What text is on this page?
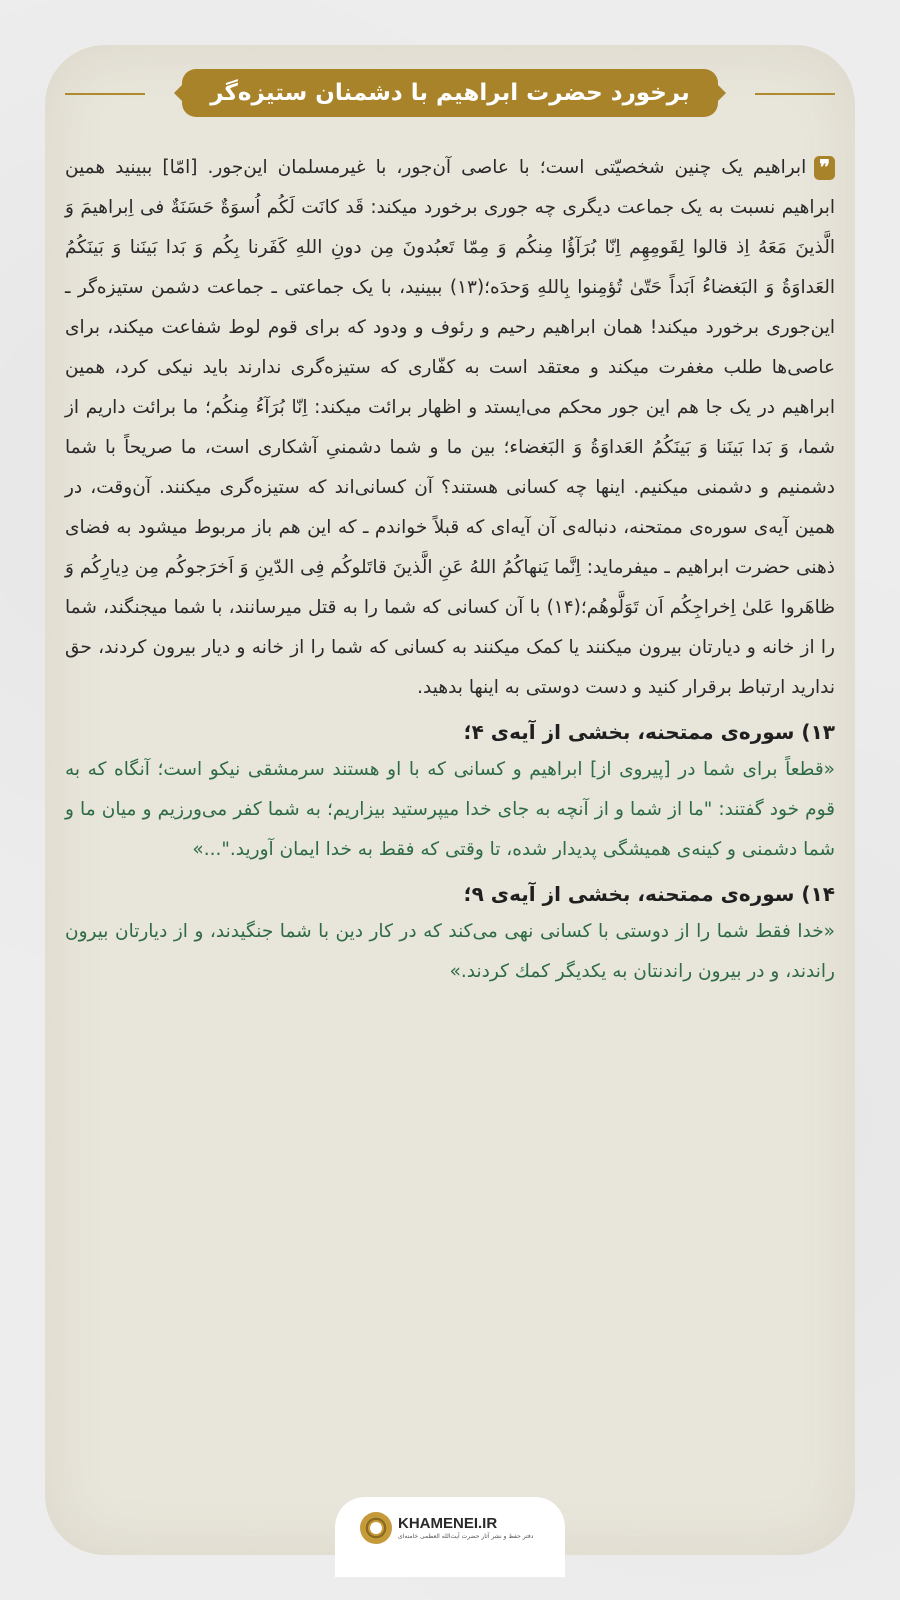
برخورد حضرت ابراهیم با دشمنان ستیزه‌گر
❞ابراهیم یک چنین شخصیّتی است؛ با عاصی آن‌جور، با غیرمسلمان این‌جور. [امّا] ببینید همین ابراهیم نسبت به یک جماعت دیگری چه جوری برخورد میکند: قَد کانَت لَکُم اُسوَةٌ حَسَنَةٌ فی اِبراهیمَ وَ الَّذینَ مَعَهُ اِذ قالوا لِقَومِهِم اِنّا بُرَآؤُا مِنکُم وَ مِمّا تَعبُدونَ مِن دونِ اللهِ کَفَرنا بِکُم وَ بَدا بَینَنا وَ بَینَکُمُ العَداوَةُ وَ البَغضاءُ اَبَداً حَتّیٰ تُؤمِنوا بِاللهِ وَحدَه؛(۱۳) ببینید، با یک جماعتی ـ جماعت دشمن ستیزه‌گر ـ این‌جوری برخورد میکند! همان ابراهیم رحیم و رئوف و ودود که برای قوم لوط شفاعت میکند، برای عاصی‌ها طلب مغفرت میکند و معتقد است به کفّاری که ستیزه‌گری ندارند باید نیکی کرد، همین ابراهیم در یک جا هم این جور محکم می‌ایستد و اظهار برائت میکند: اِنّا بُرَآءُ مِنکُم؛ ما برائت داریم از شما، وَ بَدا بَینَنا وَ بَینَکُمُ العَداوَةُ وَ البَغضاء؛ بین ما و شما دشمنیِ آشکاری است، ما صریحاً با شما دشمنیم و دشمنی میکنیم. اینها چه کسانی هستند؟ آن کسانی‌اند که ستیزه‌گری میکنند. آن‌وقت، در همین آیه‌ی سوره‌ی ممتحنه، دنباله‌ی آن آیه‌ای که قبلاً خواندم ـ که این هم باز مربوط میشود به فضای ذهنی حضرت ابراهیم ـ میفرماید: اِنَّما یَنهاکُمُ اللهُ عَنِ الَّذینَ قاتَلوکُم فِی الدّینِ وَ اَخرَجوکُم مِن دِیارِکُم وَ ظاهَروا عَلیٰ اِخراجِکُم اَن تَوَلَّوهُم؛(۱۴) با آن کسانی که شما را به قتل میرسانند، با شما میجنگند، شما را از خانه و دیارتان بیرون میکنند یا کمک میکنند به کسانی که شما را از خانه و دیار بیرون کردند، حق ندارید ارتباط برقرار کنید و دست دوستی به اینها بدهید.
۱۳) سوره‌ی ممتحنه، بخشی از آیه‌ی ۴؛
«قطعاً برای شما در [پیروی از] ابراهیم و کسانی که با او هستند سرمشقی نیکو است؛ آنگاه که به قوم خود گفتند: "ما از شما و از آنچه به جای خدا میپرستید بیزاریم؛ به شما کفر می‌ورزیم و میان ما و شما دشمنی و کینه‌ی همیشگی پدیدار شده، تا وقتی که فقط به خدا ایمان آورید."...»
۱۴) سوره‌ی ممتحنه، بخشی از آیه‌ی ۹؛
«خدا فقط شما را از دوستی با کسانی نهی می‌کند که در کار دین با شما جنگیدند، و از دیارتان بیرون راندند، و در بیرون راندنتان به یکدیگر کمك کردند.»
KHAMENEI.IR
دفتر حفظ و نشر آثار حضرت آیت‌الله العظمی خامنه‌ای
